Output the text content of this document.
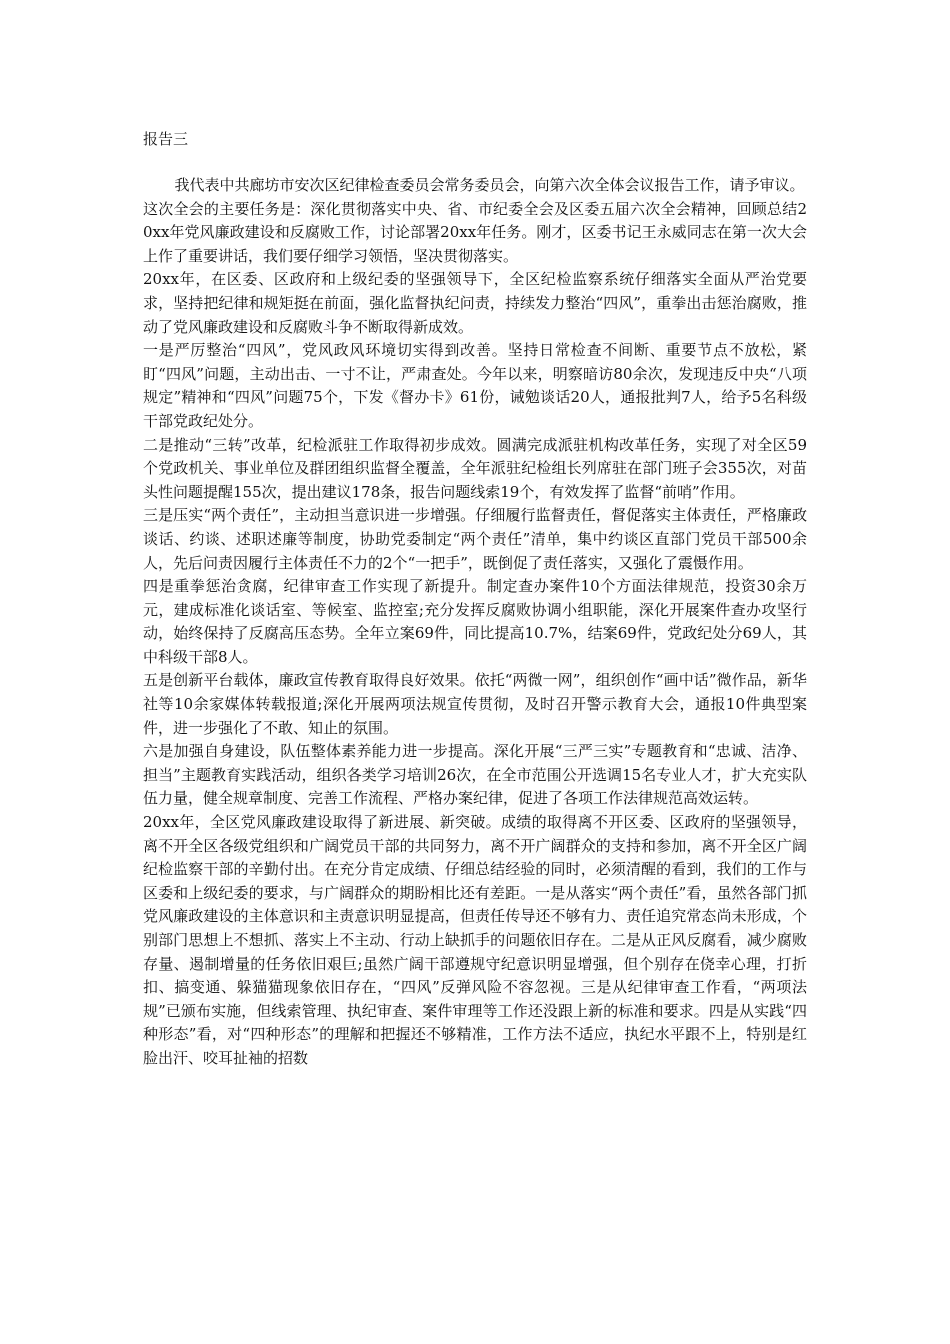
报告三

我代表中共廊坊市安次区纪律检查委员会常务委员会，向第六次全体会议报告工作，请予审议。

这次全会的主要任务是：深化贯彻落实中央、省、市纪委全会及区委五届六次全会精神，回顾总结20xx年党风廉政建设和反腐败工作，讨论部署20xx年任务。刚才，区委书记王永威同志在第一次大会上作了重要讲话，我们要仔细学习领悟，坚决贯彻落实。

20xx年，在区委、区政府和上级纪委的坚强领导下，全区纪检监察系统仔细落实全面从严治党要求，坚持把纪律和规矩挺在前面，强化监督执纪问责，持续发力整治“四风”，重拳出击惩治腐败，推动了党风廉政建设和反腐败斗争不断取得新成效。

一是严厉整治“四风”，党风政风环境切实得到改善。坚持日常检查不间断、重要节点不放松，紧盯“四风”问题，主动出击、一寸不让，严肃查处。今年以来，明察暗访80余次，发现违反中央“八项规定”精神和“四风”问题75个，下发《督办卡》61份，诫勉谈话20人，通报批判7人，给予5名科级干部党政纪处分。

二是推动“三转”改革，纪检派驻工作取得初步成效。圆满完成派驻机构改革任务，实现了对全区59个党政机关、事业单位及群团组织监督全覆盖，全年派驻纪检组长列席驻在部门班子会355次，对苗头性问题提醒155次，提出建议178条，报告问题线索19个，有效发挥了监督“前哨”作用。

三是压实“两个责任”，主动担当意识进一步增强。仔细履行监督责任，督促落实主体责任，严格廉政谈话、约谈、述职述廉等制度，协助党委制定“两个责任”清单，集中约谈区直部门党员干部500余人，先后问责因履行主体责任不力的2个“一把手”，既倒促了责任落实，又强化了震慑作用。

四是重拳惩治贪腐，纪律审查工作实现了新提升。制定查办案件10个方面法律规范，投资30余万元，建成标准化谈话室、等候室、监控室;充分发挥反腐败协调小组职能，深化开展案件查办攻坚行动，始终保持了反腐高压态势。全年立案69件，同比提高10.7%，结案69件，党政纪处分69人，其中科级干部8人。

五是创新平台载体，廉政宣传教育取得良好效果。依托“两微一网”，组织创作“画中话”微作品，新华社等10余家媒体转载报道;深化开展两项法规宣传贯彻，及时召开警示教育大会，通报10件典型案件，进一步强化了不敢、知止的氛围。

六是加强自身建设，队伍整体素养能力进一步提高。深化开展“三严三实”专题教育和“忠诚、洁净、担当”主题教育实践活动，组织各类学习培训26次，在全市范围公开选调15名专业人才，扩大充实队伍力量，健全规章制度、完善工作流程、严格办案纪律，促进了各项工作法律规范高效运转。

20xx年，全区党风廉政建设取得了新进展、新突破。成绩的取得离不开区委、区政府的坚强领导，离不开全区各级党组织和广阔党员干部的共同努力，离不开广阔群众的支持和参加，离不开全区广阔纪检监察干部的辛勤付出。在充分肯定成绩、仔细总结经验的同时，必须清醒的看到，我们的工作与区委和上级纪委的要求，与广阔群众的期盼相比还有差距。一是从落实“两个责任”看，虽然各部门抓党风廉政建设的主体意识和主责意识明显提高，但责任传导还不够有力、责任追究常态尚未形成，个别部门思想上不想抓、落实上不主动、行动上缺抓手的问题依旧存在。二是从正风反腐看，减少腐败存量、遏制增量的任务依旧艰巨;虽然广阔干部遵规守纪意识明显增强，但个别存在侥幸心理，打折扣、搞变通、躲猫猫现象依旧存在，“四风”反弹风险不容忽视。三是从纪律审查工作看，“两项法规”已颁布实施，但线索管理、执纪审查、案件审理等工作还没跟上新的标准和要求。四是从实践“四种形态”看，对“四种形态”的理解和把握还不够精准，工作方法不适应，执纪水平跟不上，特别是红脸出汗、咬耳扯袖的招数
